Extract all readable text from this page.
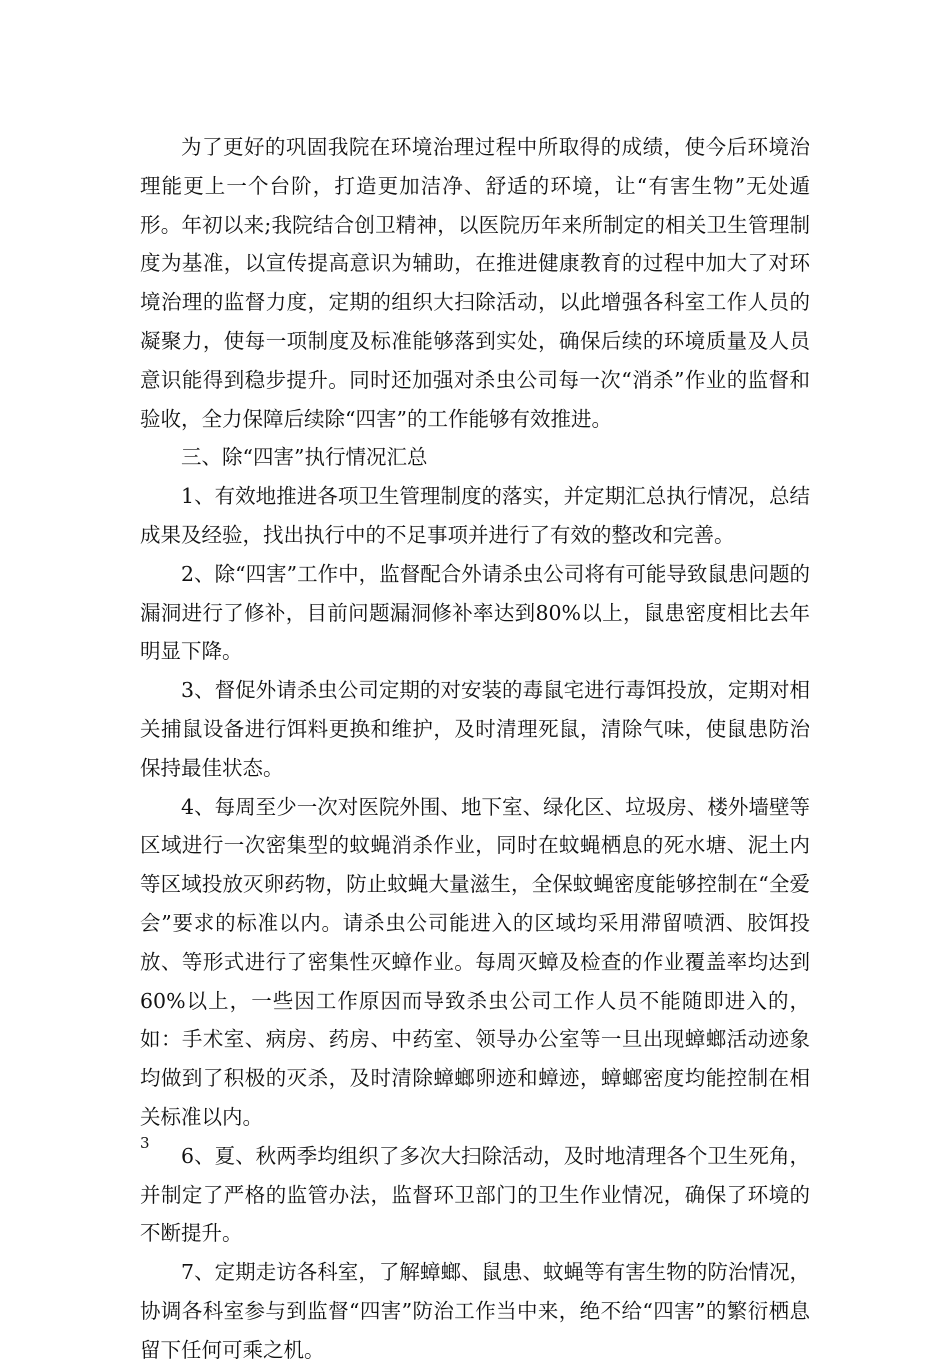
为了更好的巩固我院在环境治理过程中所取得的成绩，使今后环境治理能更上一个台阶，打造更加洁净、舒适的环境，让“有害生物”无处遁形。年初以来;我院结合创卫精神，以医院历年来所制定的相关卫生管理制度为基准，以宣传提高意识为辅助，在推进健康教育的过程中加大了对环境治理的监督力度，定期的组织大扫除活动，以此增强各科室工作人员的凝聚力，使每一项制度及标准能够落到实处，确保后续的环境质量及人员意识能得到稳步提升。同时还加强对杀虫公司每一次“消杀”作业的监督和验收，全力保障后续除“四害”的工作能够有效推进。

三、除“四害”执行情况汇总

1、有效地推进各项卫生管理制度的落实，并定期汇总执行情况，总结成果及经验，找出执行中的不足事项并进行了有效的整改和完善。

2、除“四害”工作中，监督配合外请杀虫公司将有可能导致鼠患问题的漏洞进行了修补，目前问题漏洞修补率达到80%以上，鼠患密度相比去年明显下降。

3、督促外请杀虫公司定期的对安装的毒鼠宅进行毒饵投放，定期对相关捕鼠设备进行饵料更换和维护，及时清理死鼠，清除气味，使鼠患防治保持最佳状态。

4、每周至少一次对医院外围、地下室、绿化区、垃圾房、楼外墙壁等区域进行一次密集型的蚊蝇消杀作业，同时在蚊蝇栖息的死水塘、泥土内等区域投放灭卵药物，防止蚊蝇大量滋生，全保蚊蝇密度能够控制在“全爱会”要求的标准以内。请杀虫公司能进入的区域均采用滞留喷洒、胶饵投放、等形式进行了密集性灭蟑作业。每周灭蟑及检查的作业覆盖率均达到60%以上，一些因工作原因而导致杀虫公司工作人员不能随即进入的，如：手术室、病房、药房、中药室、领导办公室等一旦出现蟑螂活动迹象均做到了积极的灭杀，及时清除蟑螂卵迹和蟑迹，蟑螂密度均能控制在相关标准以内。

6、夏、秋两季均组织了多次大扫除活动，及时地清理各个卫生死角，并制定了严格的监管办法，监督环卫部门的卫生作业情况，确保了环境的不断提升。

7、定期走访各科室，了解蟑螂、鼠患、蚊蝇等有害生物的防治情况，协调各科室参与到监督“四害”防治工作当中来，绝不给“四害”的繁衍栖息留下任何可乘之机。

3
